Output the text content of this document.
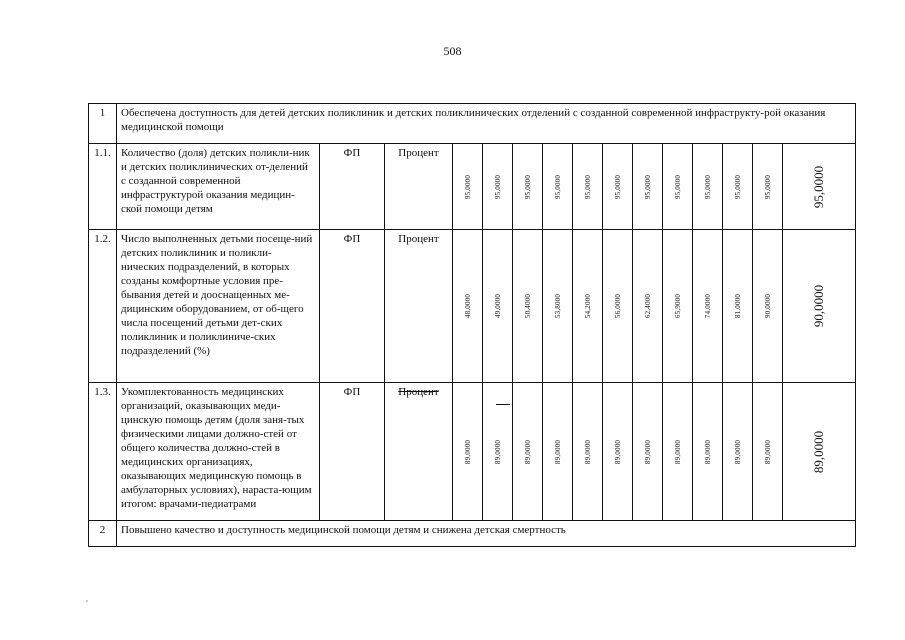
508
1	Обеспечена доступность для детей детских поликлиник и детских поликлинических отделений с созданной современной инфраструкту-рой оказания медицинской помощи														
1.1.	Количество (доля) детских поликли-ник и детских поликлинических от-делений с созданной современной инфраструктурой оказания медицин-ской помощи детям	ФП	Процент	95,0000	95,0000	95,0000	95,0000	95,0000	95,0000	95,0000	95,0000	95,0000	95,0000	95,0000	95,0000

1.2.	Число выполненных детьми посеще-ний детских поликлиник и поликли-нических подразделений, в которых созданы комфортные условия пре-бывания детей и дооснащенных ме-дицинским оборудованием, от об-щего числа посещений детьми дет-ских поликлиник и поликлиниче-ских подразделений (%)	ФП	Процент	48,0000	49,0000	50,4000	53,8000	54,2000	56,0000	62,4000	65,9000	74,0000	81,0000	90,0000	90,0000

1.3.	Укомплектованность медицинских организаций, оказывающих меди-цинскую помощь детям (доля заня-тых физическими лицами должно-стей от общего количества должно-стей в медицинских организациях, оказывающих медицинскую помощь в амбулаторных условиях), нараста-ющим итогом: врачами-педиатрами	ФП	Процент	89,0000	89,0000	89,0000	89,0000	89,0000	89,0000	89,0000	89,0000	89,0000	89,0000	89,0000	89,0000

2	Повышено качество и доступность медицинской помощи детям и снижена детская смертность														
